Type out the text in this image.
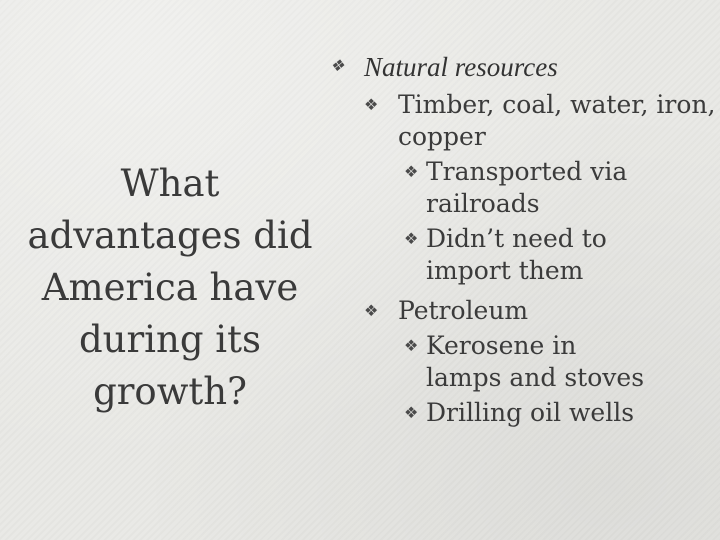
What
advantages did
America have
during its
growth?

❖ Natural resources

❖ Timber, coal, water, iron, copper

❖ Transported via
railroads

❖ Didn’t need to
import them

❖ Petroleum

❖ Kerosene in
lamps and stoves

❖ Drilling oil wells
